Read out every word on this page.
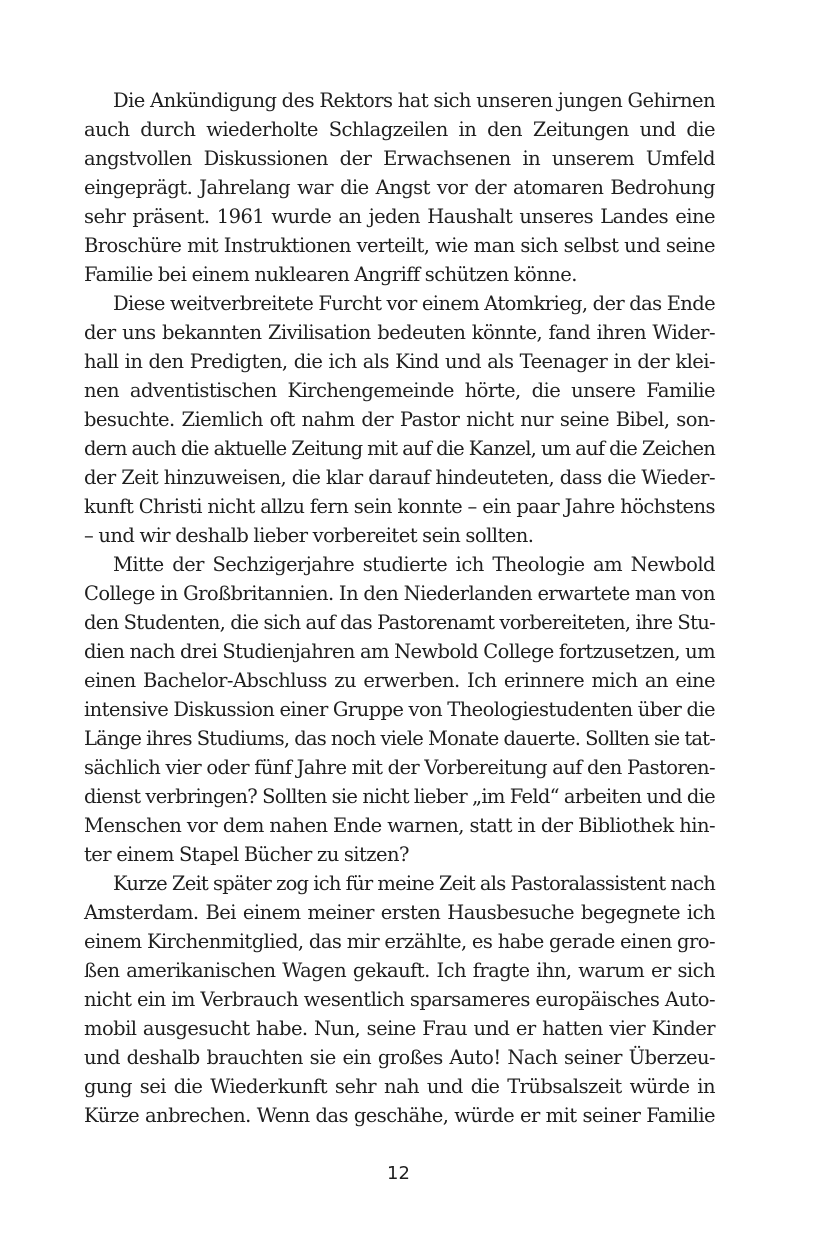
Die Ankündigung des Rektors hat sich unseren jungen Gehirnen
auch durch wiederholte Schlagzeilen in den Zeitungen und die
angstvollen Diskussionen der Erwachsenen in unserem Umfeld
eingeprägt. Jahrelang war die Angst vor der atomaren Bedrohung
sehr präsent. 1961 wurde an jeden Haushalt unseres Landes eine
Broschüre mit Instruktionen verteilt, wie man sich selbst und seine
Familie bei einem nuklearen Angriff schützen könne.
Diese weitverbreitete Furcht vor einem Atomkrieg, der das Ende
der uns bekannten Zivilisation bedeuten könnte, fand ihren Wider-
hall in den Predigten, die ich als Kind und als Teenager in der klei-
nen adventistischen Kirchengemeinde hörte, die unsere Familie
besuchte. Ziemlich oft nahm der Pastor nicht nur seine Bibel, son-
dern auch die aktuelle Zeitung mit auf die Kanzel, um auf die Zeichen
der Zeit hinzuweisen, die klar darauf hindeuteten, dass die Wieder-
kunft Christi nicht allzu fern sein konnte – ein paar Jahre höchstens
– und wir deshalb lieber vorbereitet sein sollten.
Mitte der Sechzigerjahre studierte ich Theologie am Newbold
College in Großbritannien. In den Niederlanden erwartete man von
den Studenten, die sich auf das Pastorenamt vorbereiteten, ihre Stu-
dien nach drei Studienjahren am Newbold College fortzusetzen, um
einen Bachelor-Abschluss zu erwerben. Ich erinnere mich an eine
intensive Diskussion einer Gruppe von Theologiestudenten über die
Länge ihres Studiums, das noch viele Monate dauerte. Sollten sie tat-
sächlich vier oder fünf Jahre mit der Vorbereitung auf den Pastoren-
dienst verbringen? Sollten sie nicht lieber „im Feld“ arbeiten und die
Menschen vor dem nahen Ende warnen, statt in der Bibliothek hin-
ter einem Stapel Bücher zu sitzen?
Kurze Zeit später zog ich für meine Zeit als Pastoralassistent nach
Amsterdam. Bei einem meiner ersten Hausbesuche begegnete ich
einem Kirchenmitglied, das mir erzählte, es habe gerade einen gro-
ßen amerikanischen Wagen gekauft. Ich fragte ihn, warum er sich
nicht ein im Verbrauch wesentlich sparsameres europäisches Auto-
mobil ausgesucht habe. Nun, seine Frau und er hatten vier Kinder
und deshalb brauchten sie ein großes Auto! Nach seiner Überzeu-
gung sei die Wiederkunft sehr nah und die Trübsalszeit würde in
Kürze anbrechen. Wenn das geschähe, würde er mit seiner Familie
12
